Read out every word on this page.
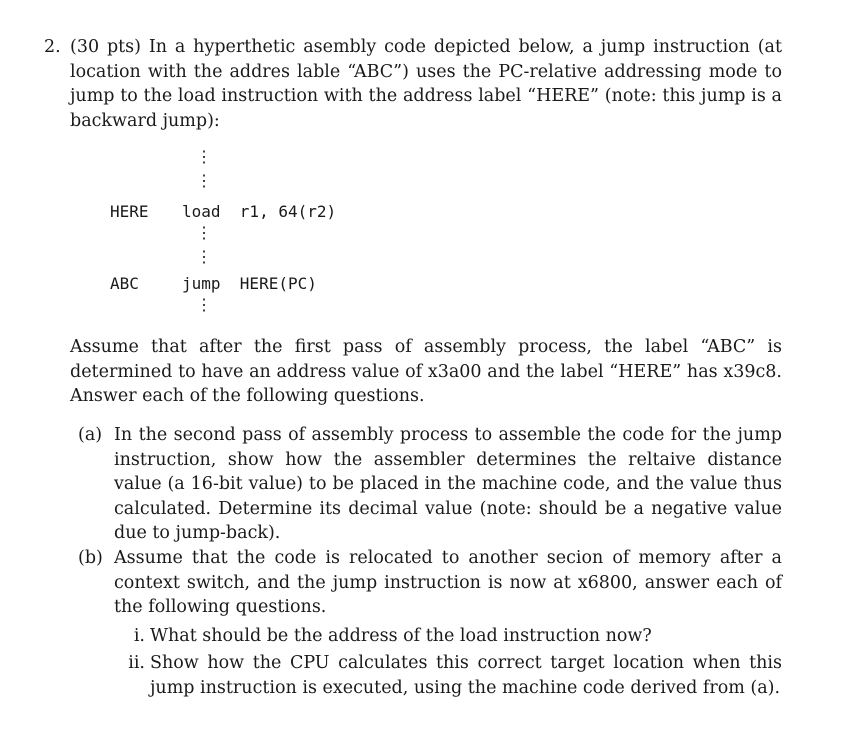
2. (30 pts) In a hyperthetic asembly code depicted below, a jump instruction (at location with the addres lable “ABC”) uses the PC-relative addressing mode to jump to the load instruction with the address label “HERE” (note: this jump is a backward jump):
⋮
⋮
HERE load  r1, 64(r2)
⋮
⋮
ABC	jump  HERE(PC)
⋮
Assume that after the first pass of assembly process, the label “ABC” is determined to have an address value of x3a00 and the label “HERE” has x39c8. Answer each of the following questions.
(a) In the second pass of assembly process to assemble the code for the jump instruction, show how the assembler determines the reltaive distance value (a 16-bit value) to be placed in the machine code, and the value thus calculated. Determine its decimal value (note: should be a negative value due to jump-back).
(b) Assume that the code is relocated to another secion of memory after a context switch, and the jump instruction is now at x6800, answer each of the following questions.
i. What should be the address of the load instruction now?
ii. Show how the CPU calculates this correct target location when this jump instruction is executed, using the machine code derived from (a).
